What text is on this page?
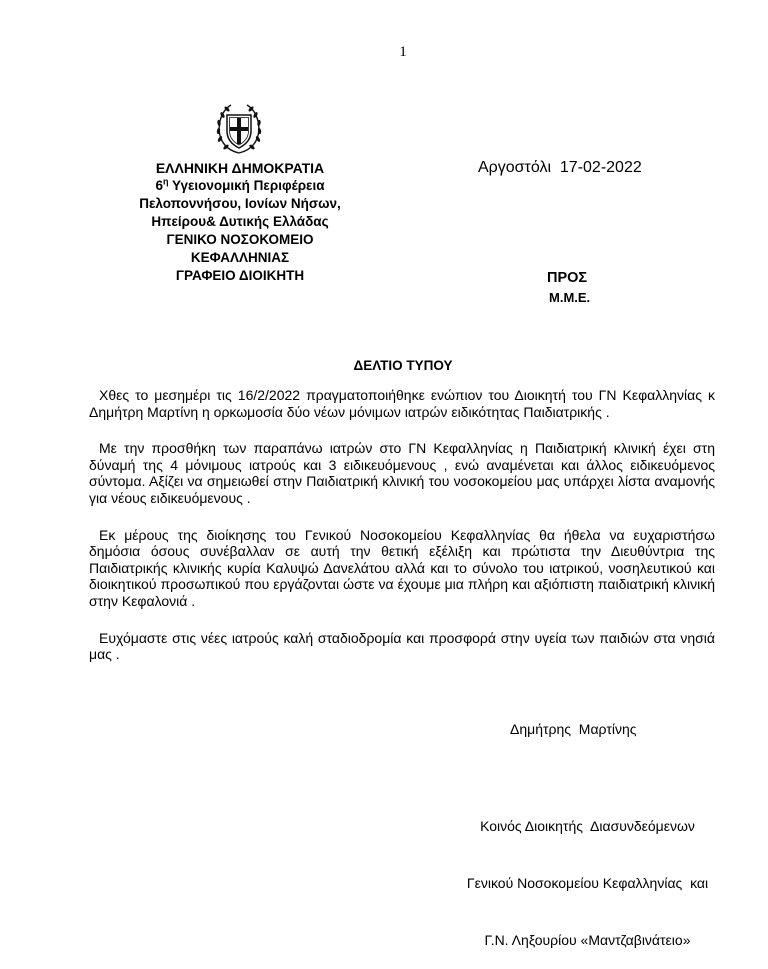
1
ΕΛΛΗΝΙΚΗ ΔΗΜΟΚΡΑΤΙΑ
$6^\eta$ Υγειονομική Περιφέρεια
Πελοποννήσου, Ιονίων Νήσων,
Ηπείρου& Δυτικής Ελλάδας
ΓΕΝΙΚΟ ΝΟΣΟΚΟΜΕΙΟ
ΚΕΦΑΛΛΗΝΙΑΣ
ΓΡΑΦΕΙΟ ΔΙΟΙΚΗΤΗ
Αργοστόλι 17-02-2022
ΠΡΟΣ
Μ.Μ.Ε.
ΔΕΛΤΙΟ ΤΥΠΟΥ

Χθες το μεσημέρι τις 16/2/2022 πραγματοποιήθηκε ενώπιον του Διοικητή του ΓΝ Κεφαλληνίας κ Δημήτρη Μαρτίνη η ορκωμοσία δύο νέων μόνιμων ιατρών ειδικότητας Παιδιατρικής .

Με την προσθήκη των παραπάνω ιατρών στο ΓΝ Κεφαλληνίας η Παιδιατρική κλινική έχει στη δύναμή της 4 μόνιμους ιατρούς και 3 ειδικευόμενους , ενώ αναμένεται και άλλος ειδικευόμενος σύντομα. Αξίζει να σημειωθεί στην Παιδιατρική κλινική του νοσοκομείου μας υπάρχει λίστα αναμονής για νέους ειδικευόμενους .

Εκ μέρους της διοίκησης του Γενικού Νοσοκομείου Κεφαλληνίας θα ήθελα να ευχαριστήσω δημόσια όσους συνέβαλλαν σε αυτή την θετική εξέλιξη και πρώτιστα την Διευθύντρια της Παιδιατρικής κλινικής κυρία Καλυψώ Δανελάτου αλλά και το σύνολο του ιατρικού, νοσηλευτικού και διοικητικού προσωπικού που εργάζονται ώστε να έχουμε μια πλήρη και αξιόπιστη παιδιατρική κλινική στην Κεφαλονιά .

Ευχόμαστε στις νέες ιατρούς καλή σταδιοδρομία και προσφορά στην υγεία των παιδιών στα νησιά μας .

Δημήτρης  Μαρτίνης

Κοινός Διοικητής  Διασυνδεόμενων

Γενικού Νοσοκομείου Κεφαλληνίας  και

Γ.Ν. Ληξουρίου «Μαντζαβινάτειο»
